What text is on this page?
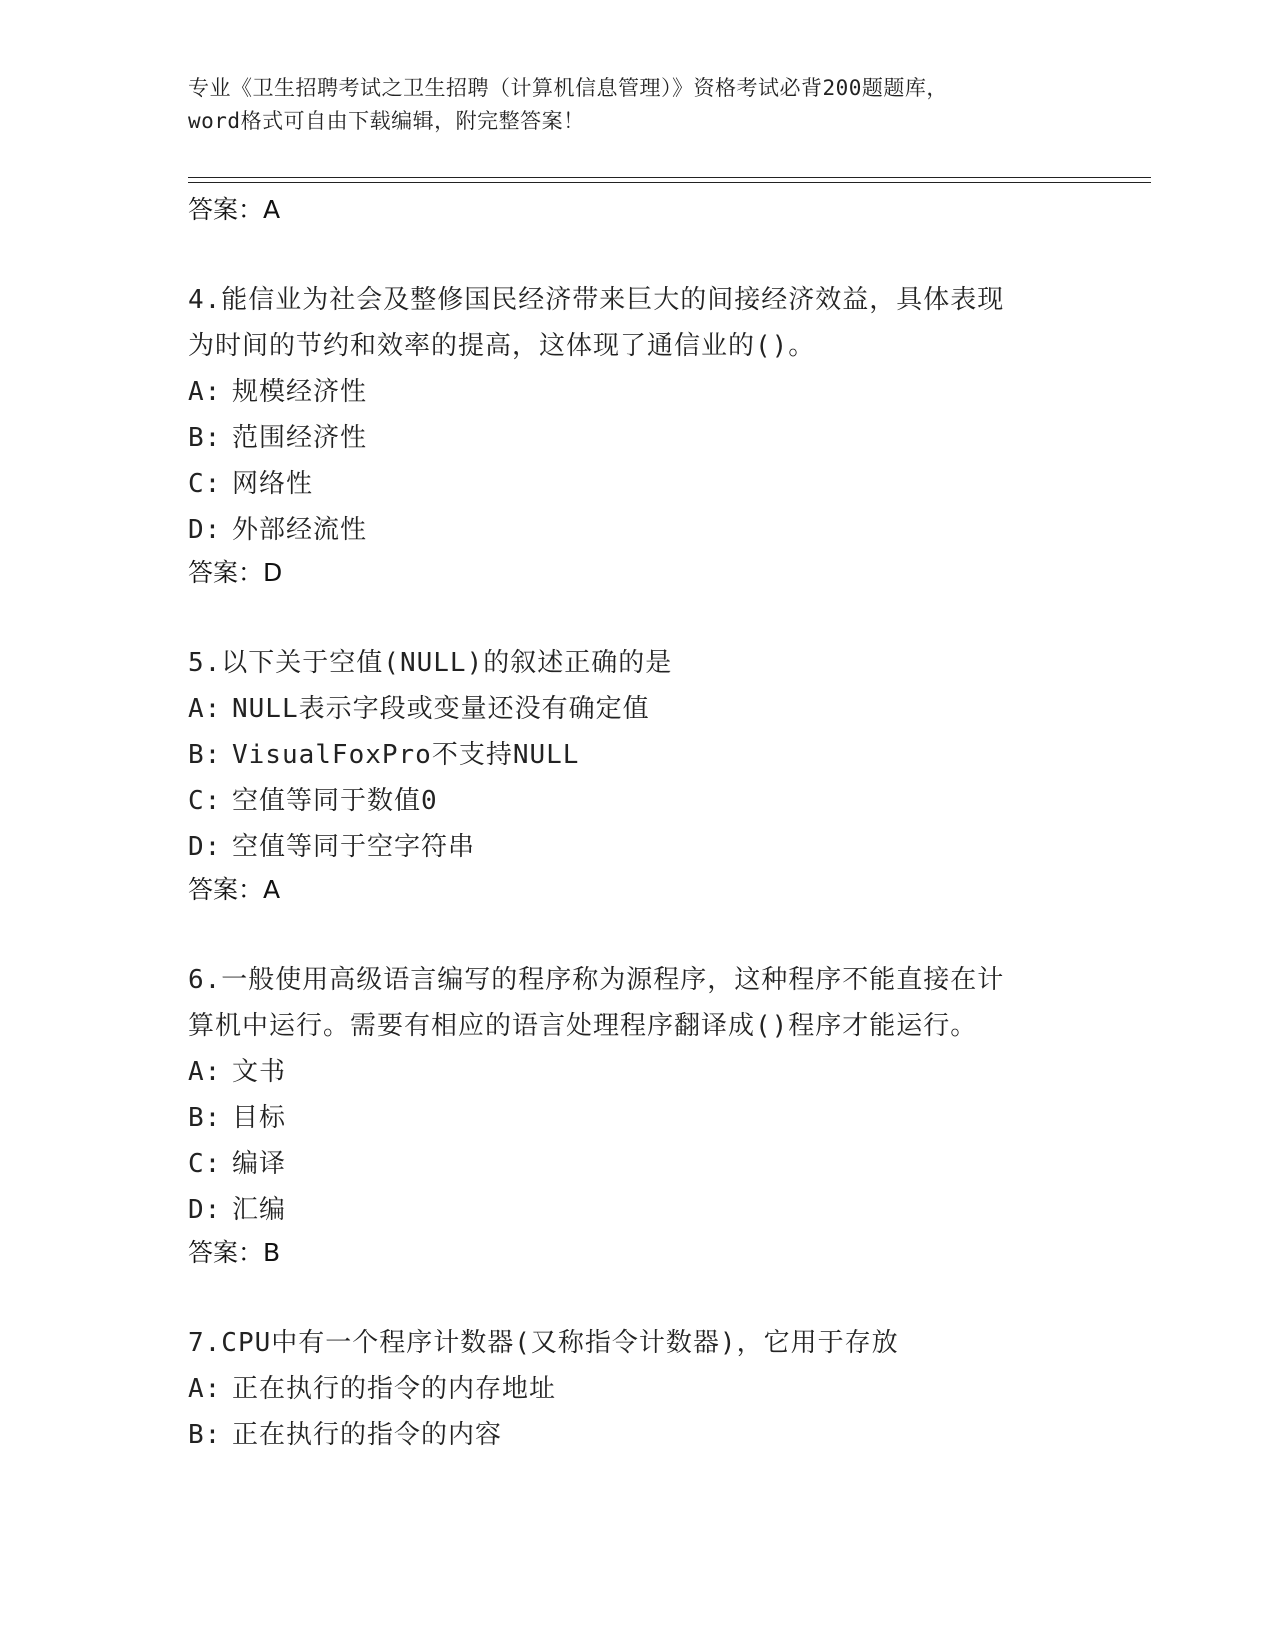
专业《卫生招聘考试之卫生招聘（计算机信息管理）》资格考试必背200题题库，
word格式可自由下载编辑，附完整答案！
答案：A
4.能信业为社会及整修国民经济带来巨大的间接经济效益，具体表现
为时间的节约和效率的提高，这体现了通信业的()。
A: 规模经济性
B: 范围经济性
C: 网络性
D: 外部经流性
答案：D
5.以下关于空值(NULL)的叙述正确的是
A: NULL表示字段或变量还没有确定值
B: VisualFoxPro不支持NULL
C: 空值等同于数值0
D: 空值等同于空字符串
答案：A
6.一般使用高级语言编写的程序称为源程序，这种程序不能直接在计
算机中运行。需要有相应的语言处理程序翻译成()程序才能运行。
A: 文书
B: 目标
C: 编译
D: 汇编
答案：B
7.CPU中有一个程序计数器(又称指令计数器)，它用于存放
A: 正在执行的指令的内存地址
B: 正在执行的指令的内容
